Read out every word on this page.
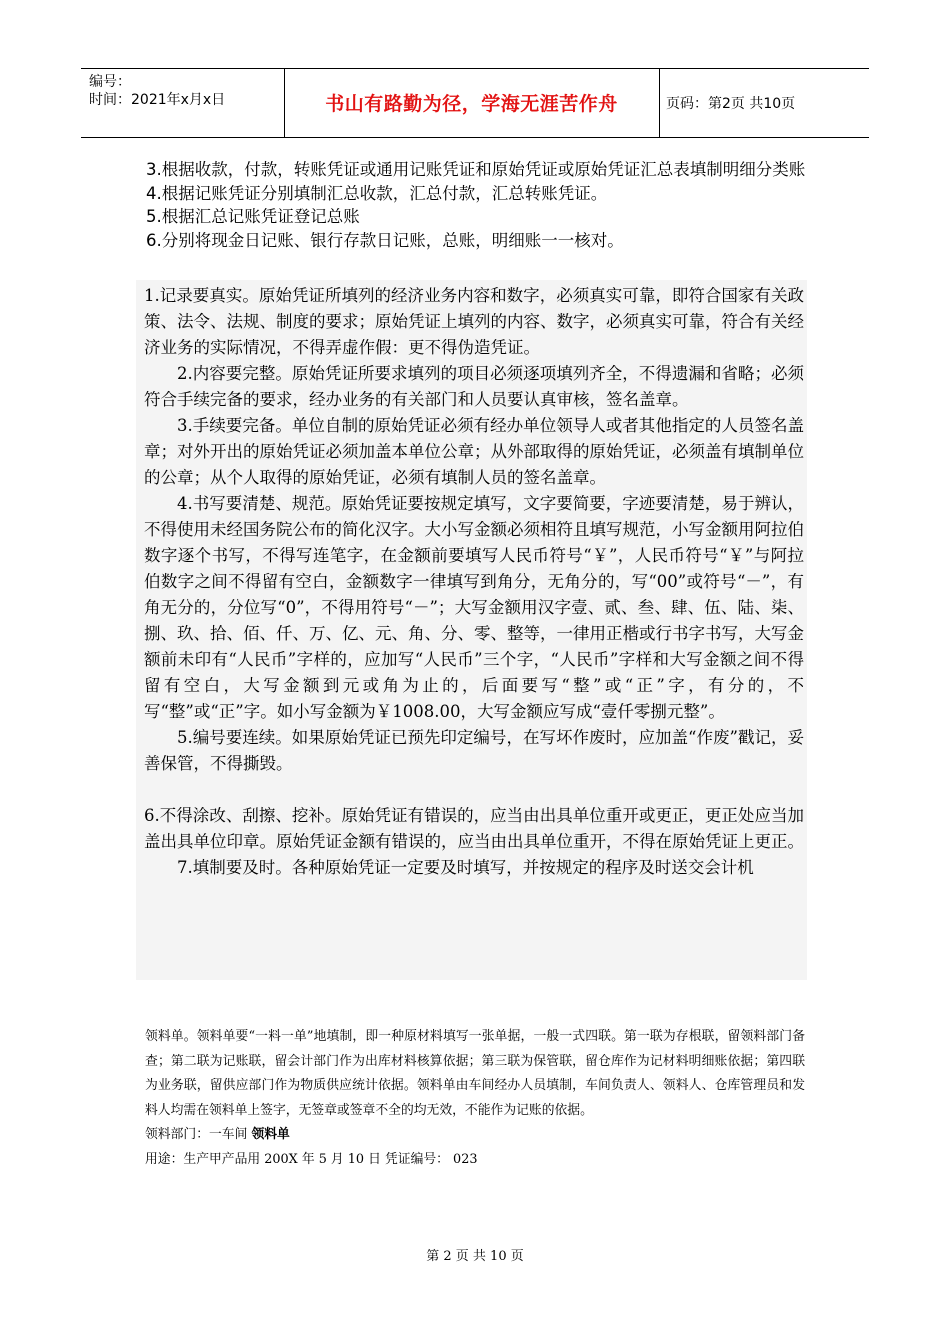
编号：
时间：2021年x月x日	书山有路勤为径，学海无涯苦作舟	页码：第2页 共10页

3.根据收款，付款，转账凭证或通用记账凭证和原始凭证或原始凭证汇总表填制明细分类账

4.根据记账凭证分别填制汇总收款，汇总付款，汇总转账凭证。

5.根据汇总记账凭证登记总账

6.分别将现金日记账、银行存款日记账，总账，明细账一一核对。

1.记录要真实。原始凭证所填列的经济业务内容和数字，必须真实可靠，即符合国家有关政策、法令、法规、制度的要求；原始凭证上填列的内容、数字，必须真实可靠，符合有关经济业务的实际情况，不得弄虚作假：更不得伪造凭证。

2.内容要完整。原始凭证所要求填列的项目必须逐项填列齐全，不得遗漏和省略；必须符合手续完备的要求，经办业务的有关部门和人员要认真审核，签名盖章。

3.手续要完备。单位自制的原始凭证必须有经办单位领导人或者其他指定的人员签名盖章；对外开出的原始凭证必须加盖本单位公章；从外部取得的原始凭证，必须盖有填制单位的公章；从个人取得的原始凭证，必须有填制人员的签名盖章。

4.书写要清楚、规范。原始凭证要按规定填写，文字要简要，字迹要清楚，易于辨认，不得使用未经国务院公布的简化汉字。大小写金额必须相符且填写规范，小写金额用阿拉伯数字逐个书写，不得写连笔字，在金额前要填写人民币符号“￥”，人民币符号“￥”与阿拉伯数字之间不得留有空白，金额数字一律填写到角分，无角分的，写“00”或符号“－”，有角无分的，分位写“0”，不得用符号“－”；大写金额用汉字壹、贰、叁、肆、伍、陆、柒、捌、玖、拾、佰、仟、万、亿、元、角、分、零、整等，一律用正楷或行书字书写，大写金额前未印有“人民币”字样的，应加写“人民币”三个字，“人民币”字样和大写金额之间不得留有空白，大写金额到元或角为止的，后面要写“整”或“正”字，有分的，不写“整”或“正”字。如小写金额为￥1008.00，大写金额应写成“壹仟零捌元整”。

5.编号要连续。如果原始凭证已预先印定编号，在写坏作废时，应加盖“作废”戳记，妥善保管，不得撕毁。

6.不得涂改、刮擦、挖补。原始凭证有错误的，应当由出具单位重开或更正，更正处应当加盖出具单位印章。原始凭证金额有错误的，应当由出具单位重开，不得在原始凭证上更正。

7.填制要及时。各种原始凭证一定要及时填写，并按规定的程序及时送交会计机

领料单。领料单要“一料一单”地填制，即一种原材料填写一张单据，一般一式四联。第一联为存根联，留领料部门备查；第二联为记账联，留会计部门作为出库材料核算依据；第三联为保管联，留仓库作为记材料明细账依据；第四联为业务联，留供应部门作为物质供应统计依据。领料单由车间经办人员填制，车间负责人、领料人、仓库管理员和发料人均需在领料单上签字，无签章或签章不全的均无效，不能作为记账的依据。

领料部门：一车间 领料单

用途：生产甲产品用 200X 年 5 月 10 日 凭证编号： 023

第 2 页 共 10 页
